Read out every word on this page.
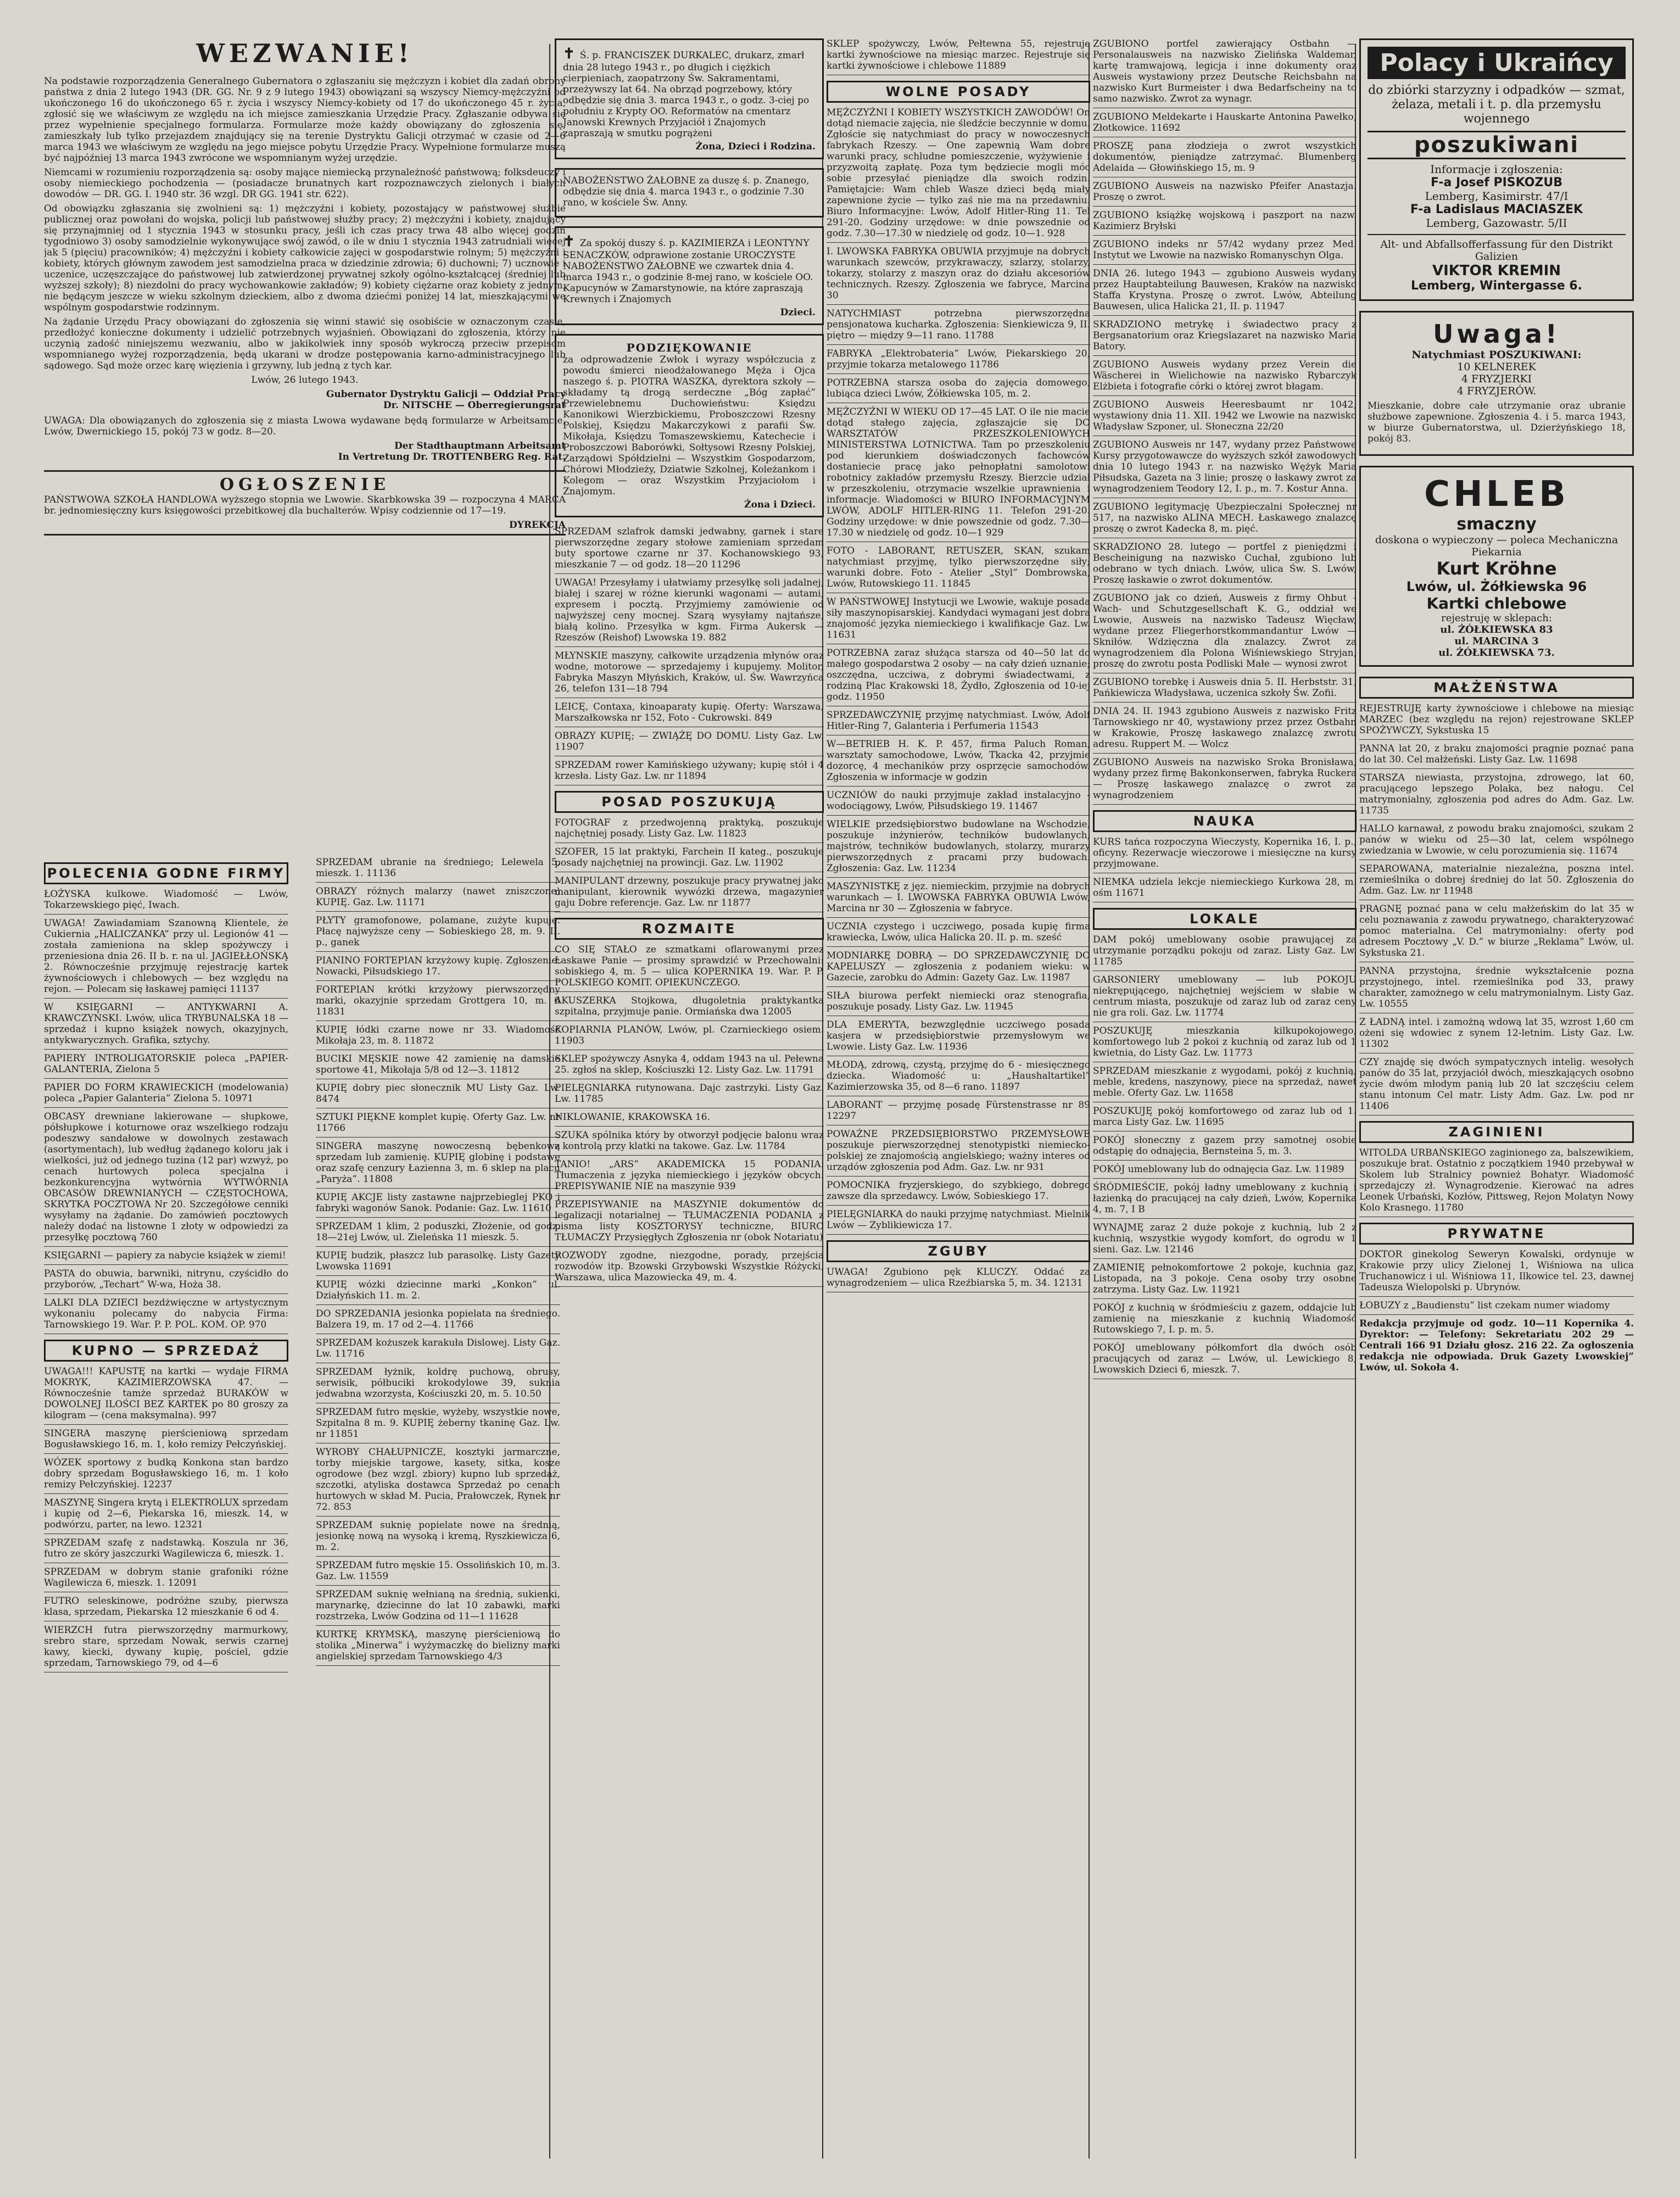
WEZWANIE!

Na podstawie rozporządzenia Generalnego Gubernatora o zgłaszaniu się mężczyzn i kobiet dla zadań obrony państwa z dnia 2 lutego 1943 (DR. GG. Nr. 9 z 9 lutego 1943) obowiązani są wszyscy Niemcy-mężczyźni od ukończonego 16 do ukończonego 65 r. życia i wszyscy Niemcy-kobiety od 17 do ukończonego 45 r. życia, zgłosić się we właściwym ze względu na ich miejsce zamieszkania Urzędzie Pracy. Zgłaszanie odbywa się przez wypełnienie specjalnego formularza. Formularze może każdy obowiązany do zgłoszenia się, zamieszkały lub tylko przejazdem znajdujący się na terenie Dystryktu Galicji otrzymać w czasie od 2—6 marca 1943 we właściwym ze względu na jego miejsce pobytu Urzędzie Pracy. Wypełnione formularze muszą być najpóźniej 13 marca 1943 zwrócone we wspomnianym wyżej urzędzie.

Niemcami w rozumieniu rozporządzenia są: osoby mające niemiecką przynależność państwową; folksdeuczy i osoby niemieckiego pochodzenia — (posiadacze brunatnych kart rozpoznawczych zielonych i białych dowodów — DR. GG. I. 1940 str. 36 wzgl. DR GG. 1941 str. 622).

Od obowiązku zgłaszania się zwolnieni są: 1) mężczyźni i kobiety, pozostający w państwowej służbie publicznej oraz powołani do wojska, policji lub państwowej służby pracy; 2) mężczyźni i kobiety, znajdujący się przynajmniej od 1 stycznia 1943 w stosunku pracy, jeśli ich czas pracy trwa 48 albo więcej godzin tygodniowo 3) osoby samodzielnie wykonywujące swój zawód, o ile w dniu 1 stycznia 1943 zatrudniali więcej jak 5 (pięciu) pracowników; 4) mężczyźni i kobiety całkowicie zajęci w gospodarstwie rolnym; 5) mężczyźni i kobiety, których głównym zawodem jest samodzielna praca w dziedzinie zdrowia; 6) duchowni; 7) ucznowie i uczenice, uczęszczające do państwowej lub zatwierdzonej prywatnej szkoły ogólno-kształcącej (średniej lub wyższej szkoły); 8) niezdolni do pracy wychowankowie zakładów; 9) kobiety ciężarne oraz kobiety z jednym, nie będącym jeszcze w wieku szkolnym dzieckiem, albo z dwoma dziećmi poniżej 14 lat, mieszkającymi we wspólnym gospodarstwie rodzinnym.

Na żądanie Urzędu Pracy obowiązani do zgłoszenia się winni stawić się osobiście w oznaczonym czasie, przedłożyć konieczne dokumenty i udzielić potrzebnych wyjaśnień. Obowiązani do zgłoszenia, którzy nie uczynią zadość niniejszemu wezwaniu, albo w jakikolwiek inny sposób wykroczą przeciw przepisom wspomnianego wyżej rozporządzenia, będą ukarani w drodze postępowania karno-administracyjnego lub sądowego. Sąd może orzec karę więzienia i grzywny, lub jedną z tych kar.

Lwów, 26 lutego 1943.

Gubernator Dystryktu Galicji — Oddział Pracy

Dr. NITSCHE — Oberregierungsrat

UWAGA: Dla obowiązanych do zgłoszenia się z miasta Lwowa wydawane będą formularze w Arbeitsamcie, Lwów, Dwernickiego 15, pokój 73 w godz. 8—20.

Der Stadthauptmann Arbeitsamt

In Vertretung Dr. TROTTENBERG Reg. Rat.

OGŁOSZENIE

PAŃSTWOWA SZKOŁA HANDLOWA wyższego stopnia we Lwowie. Skarbkowska 39 — rozpoczyna 4 MARCA br. jednomiesięczny kurs księgowości przebitkowej dla buchalterów. Wpisy codziennie od 17—19.

DYREKCJA

POLECENIA GODNE FIRMY

ŁOŻYSKA kulkowe. Wiadomość — Lwów, Tokarzewskiego pięć, Iwach.

UWAGA! Zawiadamiam Szanowną Klientele, że Cukiernia „HALICZANKA” przy ul. Legionów 41 — została zamieniona na sklep spożywczy i przeniesiona dnia 26. II b. r. na ul. JAGIEŁŁOŃSKĄ 2. Równocześnie przyjmuję rejestrację kartek żywnościowych i chlebowych — bez względu na rejon. — Polecam się łaskawej pamięci 11137

W KSIĘGARNI — ANTYKWARNI A. KRAWCZYŃSKI. Lwów, ulica TRYBUNALSKA 18 — sprzedaż i kupno książek nowych, okazyjnych, antykwarycznych. Grafika, sztychy.

PAPIERY INTROLIGATORSKIE poleca „PAPIER-GALANTERIA, Zielona 5

PAPIER DO FORM KRAWIECKICH (modelowania) poleca „Papier Galanteria” Zielona 5. 10971

OBCASY drewniane lakierowane — słupkowe, półsłupkowe i koturnowe oraz wszelkiego rodzaju podeszwy sandałowe w dowolnych zestawach (asortymentach), lub według żądanego koloru jak i wielkości, już od jednego tuzina (12 par) wzwyż, po cenach hurtowych poleca specjalna i bezkonkurencyjna wytwórnia WYTWÓRNIA OBCASÓW DREWNIANYCH — CZĘSTOCHOWA, SKRYTKA POCZTOWA Nr 20. Szczegółowe cenniki wysyłamy na żądanie. Do zamówień pocztowych należy dodać na listowne 1 złoty w odpowiedzi za przesyłkę pocztową 760

KSIĘGARNI — papiery za nabycie książek w ziemi!

PASTA do obuwia, barwniki, nitrynu, czyścidło do przyborów, „Techart” W-wa, Hoża 38.

LALKI DLA DZIECI bezdżwięczne w artystycznym wykonaniu polecamy do nabycia Firma: Tarnowskiego 19. War. P. P. POL. KOM. OP. 970

KUPNO — SPRZEDAŻ

UWAGA!!! KAPUSTĘ na kartki — wydaje FIRMA MOKRYK, KAZIMIERZOWSKA 47. — Równocześnie tamże sprzedaż BURAKÓW w DOWOLNEJ ILOŚCI BEZ KARTEK po 80 groszy za kilogram — (cena maksymalna). 997

SINGERA maszynę pierścieniową sprzedam Bogusławskiego 16, m. 1, koło remizy Pełczyńskiej.

WÓZEK sportowy z budką Konkona stan bardzo dobry sprzedam Bogusławskiego 16, m. 1 koło remizy Pełczyńskiej. 12237

MASZYNĘ Singera krytą i ELEKTROLUX sprzedam i kupię od 2—6, Piekarska 16, mieszk. 14, w podwórzu, parter, na lewo. 12321

SPRZEDAM szafę z nadstawką. Koszula nr 36, futro ze skóry jaszczurki Wagilewicza 6, mieszk. 1.

SPRZEDAM w dobrym stanie grafoniki różne Wagilewicza 6, mieszk. 1. 12091

FUTRO seleskinowe, podróżne szuby, pierwsza klasa, sprzedam, Piekarska 12 mieszkanie 6 od 4.

WIERZCH futra pierwszorzędny marmurkowy, srebro stare, sprzedam Nowak, serwis czarnej kawy, kiecki, dywany kupię, pościel, gdzie sprzedam, Tarnowskiego 79, od 4—6

SPRZEDAM ubranie na średniego; Lelewela 5, mieszk. 1. 11136

OBRAZY różnych malarzy (nawet zniszczone) KUPIĘ. Gaz. Lw. 11171

PŁYTY gramofonowe, polamane, zużyte kupuję. Płacę najwyższe ceny — Sobieskiego 28, m. 9. II. p., ganek

PIANINO FORTEPIAN krzyżowy kupię. Zgłoszenie: Nowacki, Piłsudskiego 17.

FORTEPIAN krótki krzyżowy pierwszorzędny marki, okazyjnie sprzedam Grottgera 10, m. 6 11831

KUPIĘ łódki czarne nowe nr 33. Wiadomość Mikołaja 23, m. 8. 11872

BUCIKI MĘSKIE nowe 42 zamienię na damskie sportowe 41, Mikołaja 5/8 od 12—3. 11812

KUPIĘ dobry piec słonecznik MU Listy Gaz. Lw. 8474

SZTUKI PIĘKNE komplet kupię. Oferty Gaz. Lw. nr 11766

SINGERA maszynę nowoczesną bębenkową sprzedam lub zamienię. KUPIĘ globinę i podstawę oraz szafę cenzury Łazienna 3, m. 6 sklep na placu „Paryża”. 11808

KUPIĘ AKCJE listy zastawne najprzebieglej PKO i fabryki wagonów Sanok. Podanie: Gaz. Lw. 11610

SPRZEDAM 1 klim, 2 poduszki, Złożenie, od godz. 18—21ej Lwów, ul. Zieleńska 11 mieszk. 5.

KUPIĘ budzik, płaszcz lub parasolkę. Listy Gazety Lwowska 11691

KUPIĘ wózki dziecinne marki „Konkon” ul. Działyńskich 11. m. 2.

DO SPRZEDANIA jesionka popielata na średniego. Balzera 19, m. 17 od 2—4. 11766

SPRZEDAM kożuszek karakuła Dislowej. Listy Gaz. Lw. 11716

SPRZEDAM łyżnik, koldrę puchową, obrusy, serwisik, półbuciki krokodylowe 39, suknia jedwabna wzorzysta, Kościuszki 20, m. 5. 10.50

SPRZEDAM futro męskie, wyżeby, wszystkie nowe, Szpitalna 8 m. 9. KUPIĘ żeberny tkaninę Gaz. Lw. nr 11851

WYROBY CHAŁUPNICZE, kosztyki jarmarczne, torby miejskie targowe, kasety, sitka, kosze ogrodowe (bez wzgl. zbiory) kupno lub sprzedaż, szczotki, atyliska dostawca Sprzedaż po cenach hurtowych w skład M. Pucia, Prałowczek, Rynek nr 72. 853

SPRZEDAM suknię popielate nowe na średnią, jesionkę nową na wysoką i kremą, Ryszkiewicza 6, m. 2.

SPRZEDAM futro męskie 15. Ossolińskich 10, m. 3. Gaz. Lw. 11559

SPRZEDAM suknię wełnianą na średnią, sukienki, marynarkę, dziecinne do lat 10 zabawki, marki rozstrzeka, Lwów Godzina od 11—1 11628

KURTKĘ KRYMSKĄ, maszynę pierścieniową do stolika „Minerwa” i wyżymaczkę do bielizny marki angielskiej sprzedam Tarnowskiego 4/3

✝ Ś. p. FRANCISZEK DURKALEC, drukarz, zmarł dnia 28 lutego 1943 r., po długich i ciężkich cierpieniach, zaopatrzony Św. Sakramentami, przeżywszy lat 64. Na obrząd pogrzebowy, który odbędzie się dnia 3. marca 1943 r., o godz. 3-ciej po południu z Krypty OO. Reformatów na cmentarz Janowski Krewnych Przyjaciół i Znajomych zapraszają w smutku pogrążeni

Żona, Dzieci i Rodzina.

NABOŻEŃSTWO ŻAŁOBNE za duszę ś. p. Znanego, odbędzie się dnia 4. marca 1943 r., o godzinie 7.30 rano, w kościele Św. Anny.

✝ Za spokój duszy ś. p. KAZIMIERZA i LEONTYNY SENACZKÓW, odprawione zostanie UROCZYSTE NABOŻEŃSTWO ŻAŁOBNE we czwartek dnia 4. marca 1943 r., o godzinie 8-mej rano, w kościele OO. Kapucynów w Zamarstynowie, na które zapraszają Krewnych i Znajomych

Dzieci.

PODZIĘKOWANIE

za odprowadzenie Zwłok i wyrazy współczucia z powodu śmierci nieodżałowanego Męża i Ojca naszego ś. p. PIOTRA WASZKA, dyrektora szkoły — składamy tą drogą serdeczne „Bóg zapłać” Przewielebnemu Duchowieństwu: Księdzu Kanonikowi Wierzbickiemu, Proboszczowi Rzesny Polskiej, Księdzu Makarczykowi z parafii Św. Mikołaja, Księdzu Tomaszewskiemu, Katechecie i Proboszczowi Baborówki, Sołtysowi Rzesny Polskiej, Zarządowi Spółdzielni — Wszystkim Gospodarzom, Chórowi Młodzieży, Dziatwie Szkolnej, Koleżankom i Kolegom — oraz Wszystkim Przyjaciołom i Znajomym.

Żona i Dzieci.

SPRZEDAM szlafrok damski jedwabny, garnek i stare pierwszorzędne zegary stołowe zamieniam sprzedam buty sportowe czarne nr 37. Kochanowskiego 93, mieszkanie 7 — od godz. 18—20 11296

UWAGA! Przesyłamy i ułatwiamy przesyłkę soli jadalnej, białej i szarej w różne kierunki wagonami — autami, expresem i pocztą. Przyjmiemy zamówienie od najwyższej ceny mocnej. Szarą wysyłamy najtańsze, białą kolino. Przesyłka w kgm. Firma Aukersk — Rzeszów (Reishof) Lwowska 19. 882

MŁYNSKIE maszyny, całkowite urządzenia młynów oraz wodne, motorowe — sprzedajemy i kupujemy. Molitor, Fabryka Maszyn Młyńskich, Kraków, ul. Św. Wawrzyńca 26, telefon 131—18 794

LEICĘ, Contaxa, kinoaparaty kupię. Oferty: Warszawa, Marszałkowska nr 152, Foto - Cukrowski. 849

OBRAZY KUPIĘ; — ZWIĄŻĘ DO DOMU. Listy Gaz. Lw. 11907

SPRZEDAM rower Kamińskiego używany; kupię stół i 4 krzesła. Listy Gaz. Lw. nr 11894

POSAD POSZUKUJĄ

FOTOGRAF z przedwojenną praktyką, poszukuje najchętniej posady. Listy Gaz. Lw. 11823

SZOFER, 15 lat praktyki, Farchein II kateg., poszukuje posady najchętniej na prowincji. Gaz. Lw. 11902

MANIPULANT drzewny, poszukuje pracy prywatnej jako manipulant, kierownik wywózki drzewa, magazynier gaju Dobre referencje. Gaz. Lw. nr 11877

ROZMAITE

CO SIĘ STAŁO ze szmatkami oflarowanymi przez Łaskawe Panie — prosimy sprawdzić w Przechowalni: sobiskiego 4, m. 5 — ulica KOPERNIKA 19. War. P. P. POLSKIEGO KOMIT. OPIEKUŃCZEGO.

AKUSZERKA Stojkowa, długoletnia praktykantka szpitalna, przyjmuje panie. Ormiańska dwa 12005

KOPIARNIA PLANÓW, Lwów, pl. Czarnieckiego osiem. 11903

SKLEP spożywczy Asnyka 4, oddam 1943 na ul. Pełewna 25. zgłoś na sklep, Kościuszki 12. Listy Gaz. Lw. 11791

PIELĘGNIARKA rutynowana. Dajc zastrzyki. Listy Gaz. Lw. 11785

NIKLOWANIE, KRAKOWSKA 16.

SZUKA spólnika który by otworzył podjęcie balonu wraz z kontrolą przy klatki na takowe. Gaz. Lw. 11784

TANIO! „ARS” AKADEMICKA 15 PODANIA. Tłumaczenia z języka niemieckiego i języków obcych. PREPISYWANIE NIE na maszynie 939

PRZEPISYWANIE na MASZYNIE dokumentów do legalizacji notarialnej — TŁUMACZENIA PODANIA z pisma listy KOSZTORYSY techniczne, BIURO TŁUMACZY Przysięgłych Zgłoszenia nr (obok Notariatu)

ROZWODY zgodne, niezgodne, porady, przejścia rozwodów itp. Bzowski Grzybowski Wszystkie Różycki, Warszawa, ulica Mazowiecka 49, m. 4.

SKLEP spożywczy, Lwów, Pełtewna 55, rejestruje kartki żywnościowe na miesiąc marzec. Rejestruje się kartki żywnościowe i chlebowe 11889

WOLNE POSADY

MĘŻCZYŹNI I KOBIETY WSZYSTKICH ZAWODÓW! On dotąd niemacie zajęcia, nie śledźcie beczynnie w domu. Zgłoście się natychmiast do pracy w nowoczesnych fabrykach Rzeszy. — One zapewnią Wam dobre warunki pracy, schludne pomieszczenie, wyżywienie i przyzwoitą zapłatę. Poza tym będziecie mogli móc sobie przesyłać pieniądze dla swoich rodzin. Pamiętajcie: Wam chleb Wasze dzieci będą miały zapewnione życie — tylko zaś nie ma na przedawniu. Biuro Informacyjne: Lwów, Adolf Hitler-Ring 11. Tel 291-20. Godziny urzędowe: w dnie powszednie od godz. 7.30—17.30 w niedzielę od godz. 10—1. 928

I. LWOWSKA FABRYKA OBUWIA przyjmuje na dobrych warunkach szewców, przykrawaczy, szlarzy, stolarzy, tokarzy, stolarzy z maszyn oraz do działu akcesoriów technicznych. Rzeszy. Zgłoszenia we fabryce, Marcina 30

NATYCHMIAST potrzebna pierwszorzędna pensjonatowa kucharka. Zgłoszenia: Sienkiewicza 9, II. piętro — między 9—11 rano. 11788

FABRYKA „Elektrobateria” Lwów, Piekarskiego 20, przyjmie tokarza metalowego 11786

POTRZEBNA starsza osoba do zajęcia domowego, lubiąca dzieci Lwów, Żółkiewska 105, m. 2.

MĘŻCZYŹNI W WIEKU OD 17—45 LAT. O ile nie macie dotąd stałego zajęcia, zgłaszajcie się DO WARSZTATÓW PRZESZKOLENIOWYCH MINISTERSTWA LOTNICTWA. Tam po przeszkoleniu pod kierunkiem doświadczonych fachowców dostaniecie pracę jako pełnopłatni samolotowi robotnicy zakładów przemysłu Rzeszy. Bierzcie udział w przeszkoleniu, otrzymacie wszelkie uprawnienia i informacje. Wiadomości w BIURO INFORMACYJNYM LWÓW, ADOLF HITLER-RING 11. Telefon 291-20. Godziny urzędowe: w dnie powszednie od godz. 7.30—17.30 w niedzielę od godz. 10—1 929

FOTO - LABORANT, RETUSZER, SKAN, szukam natychmiast przyjmę, tylko pierwszorzędne siły; warunki dobre. Foto - Atelier „Styl” Dombrowska, Lwów, Rutowskiego 11. 11845

W PAŃSTWOWEJ Instytucji we Lwowie, wakuje posada siły maszynopisarskiej. Kandydaci wymagani jest dobra znajomość języka niemieckiego i kwalifikacje Gaz. Lw. 11631

POTRZEBNA zaraz służąca starsza od 40—50 lat do małego gospodarstwa 2 osoby — na cały dzień uznanie; oszczędna, uczciwa, z dobrymi świadectwami, z rodziną Plac Krakowski 18, Żydło, Zgłoszenia od 10-iej godz. 11950

SPRZEDAWCZYNIĘ przyjmę natychmiast. Lwów, Adolf Hitler-Ring 7, Galanteria i Perfumeria 11543

W—BETRIEB H. K. P. 457, firma Paluch Roman, warsztaty samochodowe, Lwów, Tkacka 42, przyjmie dozorcę, 4 mechaników przy osprzęcie samochodów. Zgłoszenia w informacje w godzin

UCZNIÓW do nauki przyjmuje zakład instalacyjno - wodociągowy, Lwów, Piłsudskiego 19. 11467

WIELKIE przedsiębiorstwo budowlane na Wschodzie, poszukuje inżynierów, techników budowlanych, majstrów, techników budowlanych, stolarzy, murarzy pierwszorzędnych z pracami przy budowach. Zgłoszenia: Gaz. Lw. 11234

MASZYNISTKĘ z jęz. niemieckim, przyjmie na dobrych warunkach — I. LWOWSKA FABRYKA OBUWIA Lwów, Marcina nr 30 — Zgłoszenia w fabryce.

UCZNIA czystego i uczciwego, posada kupię firma krawiecka, Lwów, ulica Halicka 20. II. p. m. sześć

MODNIARKĘ DOBRĄ — DO SPRZEDAWCZYNIĘ DO KAPELUSZY — zgłoszenia z podaniem wieku: w Gazecie, zarobku do Admin: Gazety Gaz. Lw. 11987

SIŁA biurowa perfekt niemiecki oraz stenografia, poszukuje posady. Listy Gaz. Lw. 11945

DLA EMERYTA, bezwzględnie uczciwego posada kasjera w przedsiębiorstwie przemysłowym we Lwowie. Listy Gaz. Lw. 11936

MŁODĄ, zdrową, czystą, przyjmę do 6 - miesięcznego dziecka. Wiadomość u: „Haushaltartikel” Kazimierzowska 35, od 8—6 rano. 11897

LABORANT — przyjmę posadę Fürstenstrasse nr 89 12297

POWAŻNE PRZEDSIĘBIORSTWO PRZEMYSŁOWE poszukuje pierwszorzędnej stenotypistki niemiecko-polskiej ze znajomością angielskiego; ważny interes od urządów zgłoszenia pod Adm. Gaz. Lw. nr 931

POMOCNIKA fryzjerskiego, do szybkiego, dobrego zawsze dla sprzedawcy. Lwów, Sobieskiego 17.

PIELĘGNIARKA do nauki przyjmę natychmiast. Mielnik Lwów — Zyblikiewicza 17.

ZGUBY

UWAGA! Zgubiono pęk KLUCZY. Oddać za wynagrodzeniem — ulica Rzeźbiarska 5, m. 34. 12131

ZGUBIONO portfel zawierający Ostbahn — Personalausweis na nazwisko Zielińska Waldemar, kartę tramwajową, legicja i inne dokumenty oraz Ausweis wystawiony przez Deutsche Reichsbahn na nazwisko Kurt Burmeister i dwa Bedarfscheiny na to samo nazwisko. Zwrot za wynagr.

ZGUBIONO Meldekarte i Hauskarte Antonina Pawełko, Złotkowice. 11692

PROSZĘ pana złodzieja o zwrot wszystkich dokumentów, pieniądze zatrzymać. Blumenberg Adelaida — Głowińskiego 15, m. 9

ZGUBIONO Ausweis na nazwisko Pfeifer Anastazja. Proszę o zwrot.

ZGUBIONO książkę wojskową i paszport na nazw. Kazimierz Bryłski

ZGUBIONO indeks nr 57/42 wydany przez Med. Instytut we Lwowie na nazwisko Romanyschyn Olga.

DNIA 26. lutego 1943 — zgubiono Ausweis wydany przez Hauptabteilung Bauwesen, Kraków na nazwisko Staffa Krystyna. Proszę o zwrot. Lwów, Abteilung Bauwesen, ulica Halicka 21, II. p. 11947

SKRADZIONO metrykę i świadectwo pracy z Bergsanatorium oraz Kriegslazaret na nazwisko Maria Batory.

ZGUBIONO Ausweis wydany przez Verein die Wäscherei in Wielichowie na nazwisko Rybarczyk Elżbieta i fotografie córki o której zwrot błagam.

ZGUBIONO Ausweis Heeresbaumt nr 1042, wystawiony dnia 11. XII. 1942 we Lwowie na nazwisko Władysław Szponer, ul. Słoneczna 22/20

ZGUBIONO Ausweis nr 147, wydany przez Państwowe Kursy przygotowawcze do wyższych szkół zawodowych dnia 10 lutego 1943 r. na nazwisko Wężyk Maria Piłsudska, Gazeta na 3 linie; proszę o łaskawy zwrot za wynagrodzeniem Teodory 12, I. p., m. 7. Kostur Anna.

ZGUBIONO legitymację Ubezpieczalni Społecznej nr 517, na nazwisko ALINA MECH. Łaskawego znalazcę proszę o zwrot Kadecka 8, m. pięć.

SKRADZIONO 28. lutego — portfel z pieniędzmi i Bescheinigung na nazwisko Cuchał, zgubiono lub odebrano w tych dniach. Lwów, ulica Św. S. Lwów, Proszę łaskawie o zwrot dokumentów.

ZGUBIONO jak co dzień, Ausweis z firmy Ohbut - Wach- und Schutzgesellschaft K. G., oddział we Lwowie, Ausweis na nazwisko Tadeusz Więcław, wydane przez Fliegerhorstkommandantur Lwów — Skniłów. Wdzięczna dla znalazcy. Zwrot za wynagrodzeniem dla Polona Wiśniewskiego Stryjan, proszę do zwrotu posta Podliski Małe — wynosi zwrot

ZGUBIONO torebkę i Ausweis dnia 5. II. Herbststr. 31, Pańkiewicza Władysława, uczenica szkoły Św. Zofii.

DNIA 24. II. 1943 zgubiono Ausweis z nazwisko Fritz Tarnowskiego nr 40, wystawiony przez przez Ostbahn w Krakowie, Proszę łaskawego znalazcę zwrotu adresu. Ruppert M. — Wolcz

ZGUBIONO Ausweis na nazwisko Sroka Bronisława, wydany przez firmę Bakonkonserwen, fabryka Ruckera — Proszę łaskawego znalazcę o zwrot za wynagrodzeniem

NAUKA

KURS tańca rozpoczyna Wieczysty, Kopernika 16, I. p., oficyny. Rezerwacje wieczorowe i miesięczne na kursy przyjmowane.

NIEMKA udziela lekcje niemieckiego Kurkowa 28, m. ośm 11671

LOKALE

DAM pokój umeblowany osobie prawującej za utrzymanie porządku pokoju od zaraz. Listy Gaz. Lw. 11785

GARSONIERY umeblowany — lub POKOJU niekrępującego, najchętniej wejściem w słabie w centrum miasta, poszukuje od zaraz lub od zaraz ceny nie gra roli. Gaz. Lw. 11774

POSZUKUJĘ mieszkania kilkupokojowego, komfortowego lub 2 pokoi z kuchnią od zaraz lub od 1 kwietnia, do Listy Gaz. Lw. 11773

SPRZEDAM mieszkanie z wygodami, pokój z kuchnią, meble, kredens, naszynowy, piece na sprzedaż, nawet meble. Oferty Gaz. Lw. 11658

POSZUKUJĘ pokój komfortowego od zaraz lub od 1. marca Listy Gaz. Lw. 11695

POKÓJ słoneczny z gazem przy samotnej osobie odstąpię do odnajęcia, Bernsteina 5, m. 3.

POKÓJ umeblowany lub do odnajęcia Gaz. Lw. 11989

ŚRÓDMIEŚCIE, pokój ładny umeblowany z kuchnią i łazienką do pracującej na cały dzień, Lwów, Kopernika 4, m. 7, I B

WYNAJMĘ zaraz 2 duże pokoje z kuchnią, lub 2 z kuchnią, wszystkie wygody komfort, do ogrodu w 1 sieni. Gaz. Lw. 12146

ZAMIENIĘ pełnokomfortowe 2 pokoje, kuchnia gaz, Listopada, na 3 pokoje. Cena osoby trzy osobne zatrzyma. Listy Gaz. Lw. 11921

POKÓJ z kuchnią w śródmieściu z gazem, oddajcie lub zamienię na mieszkanie z kuchnią Wiadomość Rutowskiego 7, I. p. m. 5.

POKÓJ umeblowany półkomfort dla dwóch osób pracujących od zaraz — Lwów, ul. Lewickiego 8, Lwowskich Dzieci 6, mieszk. 7.

Polacy i Ukraińcy
do zbiórki starzyzny i odpadków — szmat, żelaza, metali i t. p. dla przemysłu wojennego
poszukiwani
Informacje i zgłoszenia:
F-a Josef PISKOZUB
Lemberg, Kasimirstr. 47/I
F-a Ladislaus MACIASZEK
Lemberg, Gazowastr. 5/II
Alt- und Abfallsofferfassung für den Distrikt Galizien
VIKTOR KREMIN
Lemberg, Wintergasse 6.
Uwaga!
Natychmiast POSZUKIWANI:
10 KELNEREK
4 FRYZJERKI
4 FRYZJERÓW.

Mieszkanie, dobre całe utrzymanie oraz ubranie służbowe zapewnione. Zgłoszenia 4. i 5. marca 1943, w biurze Gubernatorstwa, ul. Dzierżyńskiego 18, pokój 83.

CHLEB
smaczny
doskona o wypieczony — poleca Mechaniczna Piekarnia
Kurt Kröhne
Lwów, ul. Żółkiewska 96
Kartki chlebowe
rejestruję w sklepach:
ul. ŻÓŁKIEWSKA 83
ul. MARCINA 3
ul. ŻÓŁKIEWSKA 73.
MAŁŻEŃSTWA

REJESTRUJĘ karty żywnościowe i chlebowe na miesiąc MARZEC (bez względu na rejon) rejestrowane SKLEP SPOŻYWCZY, Sykstuska 15

PANNA lat 20, z braku znajomości pragnie poznać pana do lat 30. Cel małżeński. Listy Gaz. Lw. 11698

STARSZA niewiasta, przystojna, zdrowego, lat 60, pracującego lepszego Polaka, bez nałogu. Cel matrymonialny, zgłoszenia pod adres do Adm. Gaz. Lw. 11735

HALLO karnawał, z powodu braku znajomości, szukam 2 panów w wieku od 25—30 lat, celem wspólnego zwiedzania w Lwowie, w celu porozumienia się. 11674

SEPAROWANA, materialnie niezależna, poszna intel. rzemieślnika o dobrej średniej do lat 50. Zgłoszenia do Adm. Gaz. Lw. nr 11948

PRAGNĘ poznać pana w celu małżeńskim do lat 35 w celu poznawania z zawodu prywatnego, charakteryzować pomoc materialna. Cel matrymonialny: oferty pod adresem Pocztowy „V. D.” w biurze „Reklama” Lwów, ul. Sykstuska 21.

PANNA przystojna, średnie wykształcenie pozna przystojnego, intel. rzemieślnika pod 33, prawy charakter, zamożnego w celu matrymonialnym. Listy Gaz. Lw. 10555

Z ŁADNĄ intel. i zamożną wdową lat 35, wzrost 1,60 cm ożeni się wdowiec z synem 12-letnim. Listy Gaz. Lw. 11302

CZY znajdę się dwóch sympatycznych intelig. wesołych panów do 35 lat, przyjaciół dwóch, mieszkających osobno życie dwóm młodym panią lub 20 lat szczęściu celem stanu intonum Cel matr. Listy Adm. Gaz. Lw. pod nr 11406

ZAGINIENI

WITOLDA URBAŃSKIEGO zaginionego za, balszewikiem, poszukuje brat. Ostatnio z początkiem 1940 przebywał w Skolem lub Stralnicy pownież Bohatyr. Wiadomość sprzedajczy zł. Wynagrodzenie. Kierować na adres Leonek Urbański, Kozłów, Pittsweg, Rejon Molatyn Nowy Kolo Krasnego. 11780

PRYWATNE

DOKTOR ginekolog Seweryn Kowalski, ordynuje w Krakowie przy ulicy Zielonej 1, Wiśniowa na ulica Truchanowicz i ul. Wiśniowa 11, Ilkowice tel. 23, dawnej Tadeusza Wielopolski p. Ubrynów.

ŁOBUZY z „Baudienstu” list czekam numer wiadomy

Redakcja przyjmuje od godz. 10—11 Kopernika 4. Dyrektor: — Telefony: Sekretariatu 202 29 — Centrali 166 91 Działu głosz. 216 22. Za ogłoszenia redakcja nie odpowiada. Druk Gazety Lwowskiej” Lwów, ul. Sokoła 4.
